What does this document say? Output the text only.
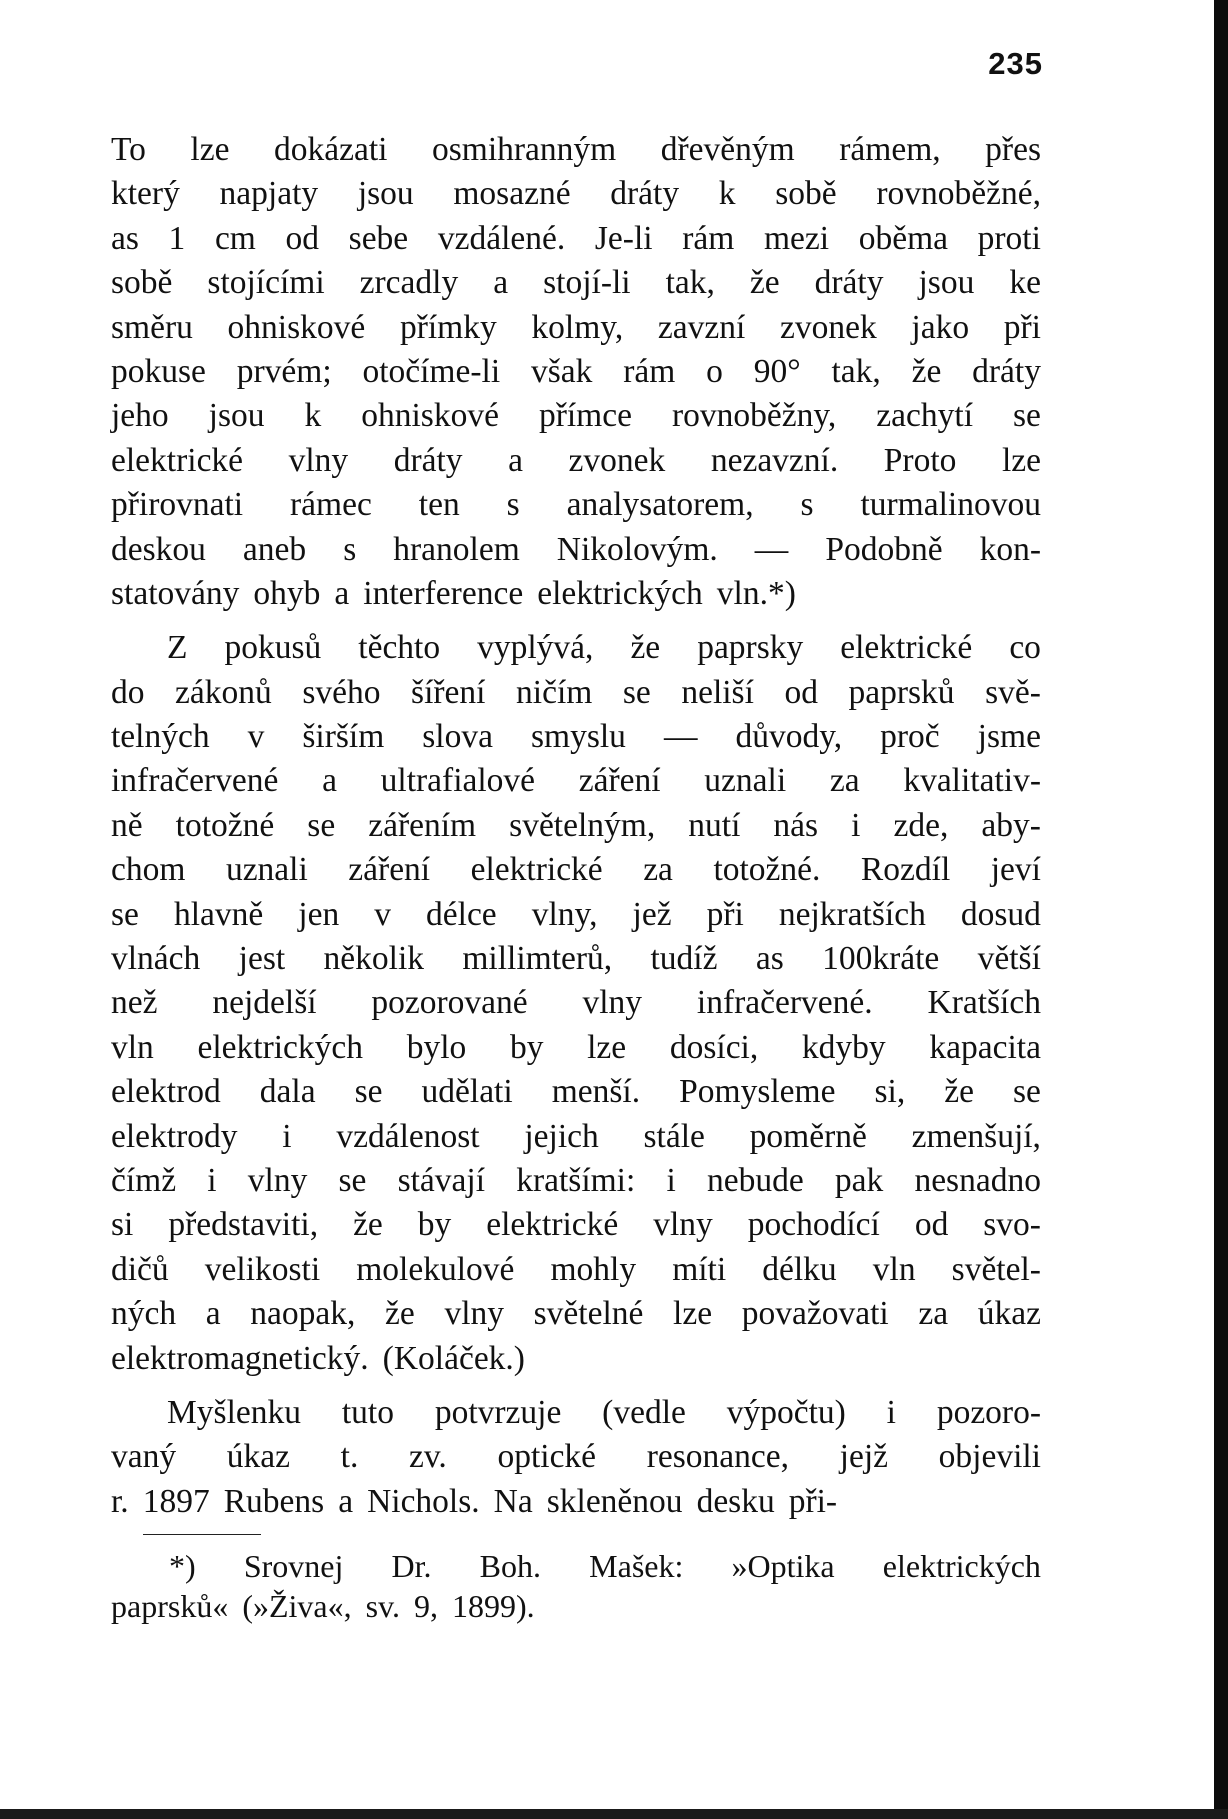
235
To lze dokázati osmihranným dřevěným rámem, přes
který napjaty jsou mosazné dráty k sobě rovnoběžné,
as 1 cm od sebe vzdálené. Je-li rám mezi oběma proti
sobě stojícími zrcadly a stojí-li tak, že dráty jsou ke
směru ohniskové přímky kolmy, zavzní zvonek jako při
pokuse prvém; otočíme-li však rám o 90° tak, že dráty
jeho jsou k ohniskové přímce rovnoběžny, zachytí se
elektrické vlny dráty a zvonek nezavzní. Proto lze
přirovnati rámec ten s analysatorem, s turmalinovou
deskou aneb s hranolem Nikolovým. — Podobně kon-
statovány ohyb a interference elektrických vln.*)
Z pokusů těchto vyplývá, že paprsky elektrické co
do zákonů svého šíření ničím se neliší od paprsků svě-
telných v širším slova smyslu — důvody, proč jsme
infračervené a ultrafialové záření uznali za kvalitativ-
ně totožné se zářením světelným, nutí nás i zde, aby-
chom uznali záření elektrické za totožné. Rozdíl jeví
se hlavně jen v délce vlny, jež při nejkratších dosud
vlnách jest několik millimterů, tudíž as 100kráte větší
než nejdelší pozorované vlny infračervené. Kratších
vln elektrických bylo by lze dosíci, kdyby kapacita
elektrod dala se udělati menší. Pomysleme si, že se
elektrody i vzdálenost jejich stále poměrně zmenšují,
čímž i vlny se stávají kratšími: i nebude pak nesnadno
si představiti, že by elektrické vlny pochodící od svo-
dičů velikosti molekulové mohly míti délku vln světel-
ných a naopak, že vlny světelné lze považovati za úkaz
elektromagnetický. (Koláček.)
Myšlenku tuto potvrzuje (vedle výpočtu) i pozoro-
vaný úkaz t. zv. optické resonance, jejž objevili
r. 1897 Rubens a Nichols. Na skleněnou desku při-
*) Srovnej Dr. Boh. Mašek: »Optika elektrických
paprsků« (»Živa«, sv. 9, 1899).
